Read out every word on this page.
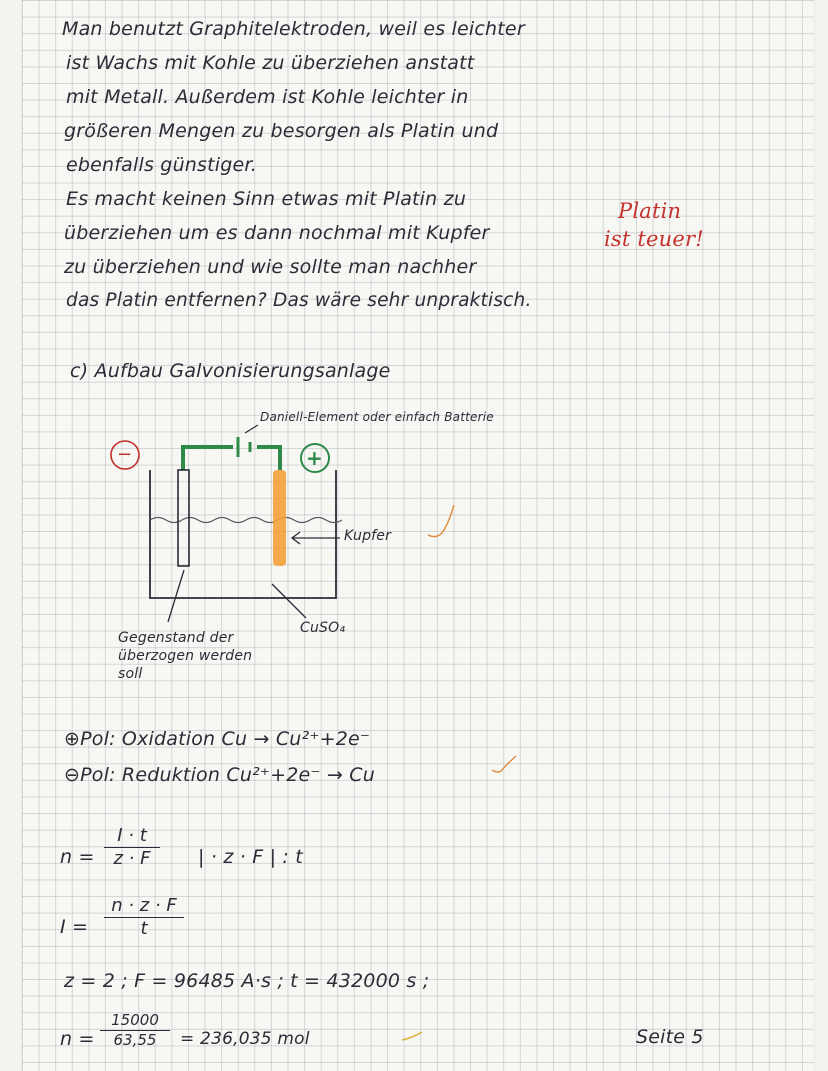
Man benutzt Graphitelektroden, weil es leichter

ist Wachs mit Kohle zu überziehen anstatt

mit Metall. Außerdem ist Kohle leichter in

größeren Mengen zu besorgen als Platin und

ebenfalls günstiger.

Es macht keinen Sinn etwas mit Platin zu

überziehen um es dann nochmal mit Kupfer

zu überziehen und wie sollte man nachher

das Platin entfernen? Das wäre sehr unpraktisch.

Platin

ist teuer!

c) Aufbau Galvonisierungsanlage

−	+

Daniell-Element oder einfach Batterie

Kupfer

CuSO₄

Gegenstand der

überzogen werden

soll

⊕Pol: Oxidation Cu → Cu²⁺+2e⁻

⊖Pol: Reduktion Cu²⁺+2e⁻ → Cu

n =

I · t
z · F	| · z · F | : t

I =

n · z · F
t

z = 2 ; F = 96485 A·s ; t = 432000 s ;

n =

15000
63,55	= 236,035 mol	Seite 5
